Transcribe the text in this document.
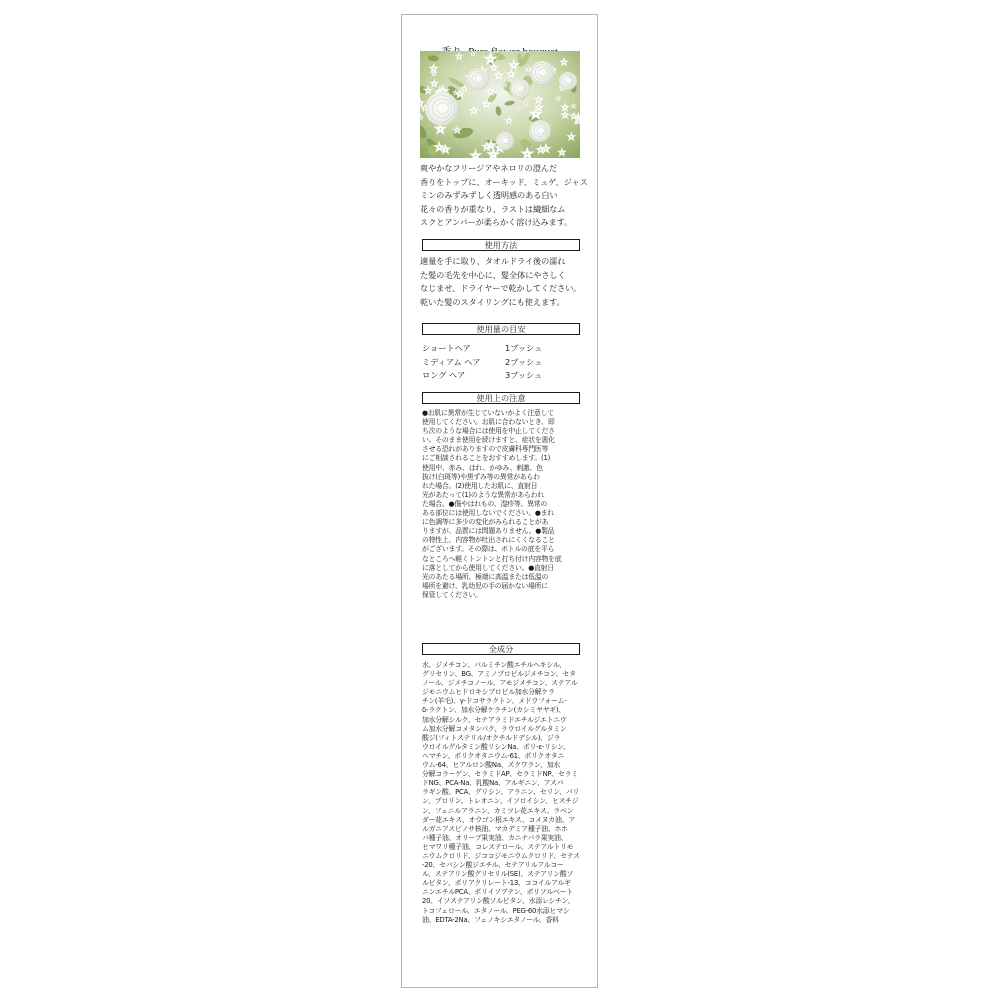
爽やかなフリージアやネロリの澄んだ

香りをトップに、オーキッド、ミュゲ、ジャス

ミンのみずみずしく透明感のある白い

花々の香りが重なり、ラストは繊細なム

スクとアンバーが柔らかく溶け込みます。

使用方法

適量を手に取り、タオルドライ後の濡れ

た髪の毛先を中心に、髪全体にやさしく

なじませ、ドライヤーで乾かしてください。

乾いた髪のスタイリングにも使えます。

使用量の目安
ショートヘア	1プッシュ
ミディアム ヘア	2プッシュ
ロング ヘア	3プッシュ
使用上の注意

●お肌に異常が生じていないかよく注意して

使用してください。お肌に合わないとき、即

ち次のような場合には使用を中止してくださ

い。そのまま使用を続けますと、症状を悪化

させる恐れがありますので皮膚科専門医等

にご相談されることをおすすめします。(1)

使用中、赤み、はれ、かゆみ、刺激、色

抜け(白斑等)や黒ずみ等の異常があらわ

れた場合。(2)使用したお肌に、直射日

光があたって(1)のような異常があらわれ

た場合。●傷やはれもの、湿疹等、異常の

ある部位には使用しないでください。●まれ

に色調等に多少の変化がみられることがあ

りますが、品質には問題ありません。●製品

の特性上、内容物が吐出されにくくなること

がございます。その際は、ボトルの底を平ら

なところへ軽くトントンと打ち付け内容物を底

に落としてから使用してください。●直射日

光のあたる場所、極端に高温または低温の

場所を避け、乳幼児の手の届かない場所に

保管してください。

全成分

水、ジメチコン、パルミチン酸エチルヘキシル、

グリセリン、BG、アミノプロピルジメチコン、セタ

ノール、ジメチコノール、アモジメチコン、ステアル

ジモニウムヒドロキシプロピル加水分解ケラ

チン(羊毛)、γ-ドコサラクトン、メドウフォーム-

δ-ラクトン、加水分解ケラチン(カシミヤヤギ)、

加水分解シルク、セテアラミドエチルジエトニウ

ム加水分解コメタンパク、ラウロイルグルタミン

酸ジ(フィトステリル/オクチルドデシル)、ジラ

ウロイルグルタミン酸リシンNa、ポリ-ε-リシン、

ヘマチン、ポリクオタニウム-61、ポリクオタニ

ウム-64、ヒアルロン酸Na、スクワラン、加水

分解コラーゲン、セラミドAP、セラミドNP、セラミ

ドNG、PCA-Na、乳酸Na、アルギニン、アスパ

ラギン酸、PCA、グリシン、アラニン、セリン、バリ

ン、プロリン、トレオニン、イソロイシン、ヒスチジ

ン、フェニルアラニン、カミツレ花エキス、ラベン

ダー花エキス、オウゴン根エキス、コメヌカ油、ア

ルガニアスピノサ核油、マカデミア種子油、ホホ

バ種子油、オリーブ果実油、カニナバラ果実油、

ヒマワリ種子油、コレステロール、ステアルトリモ

ニウムクロリド、ジココジモニウムクロリド、セテス

-20、セバシン酸ジエチル、セテアリルアルコー

ル、ステアリン酸グリセリル(SE)、ステアリン酸ソ

ルビタン、ポリアクリレート-13、ココイルアルギ

ニンエチルPCA、ポリイソブテン、ポリソルベート

20、イソステアリン酸ソルビタン、水添レシチン、

トコフェロール、エタノール、PEG-60水添ヒマシ

油、EDTA-2Na、フェノキシエタノール、香料
